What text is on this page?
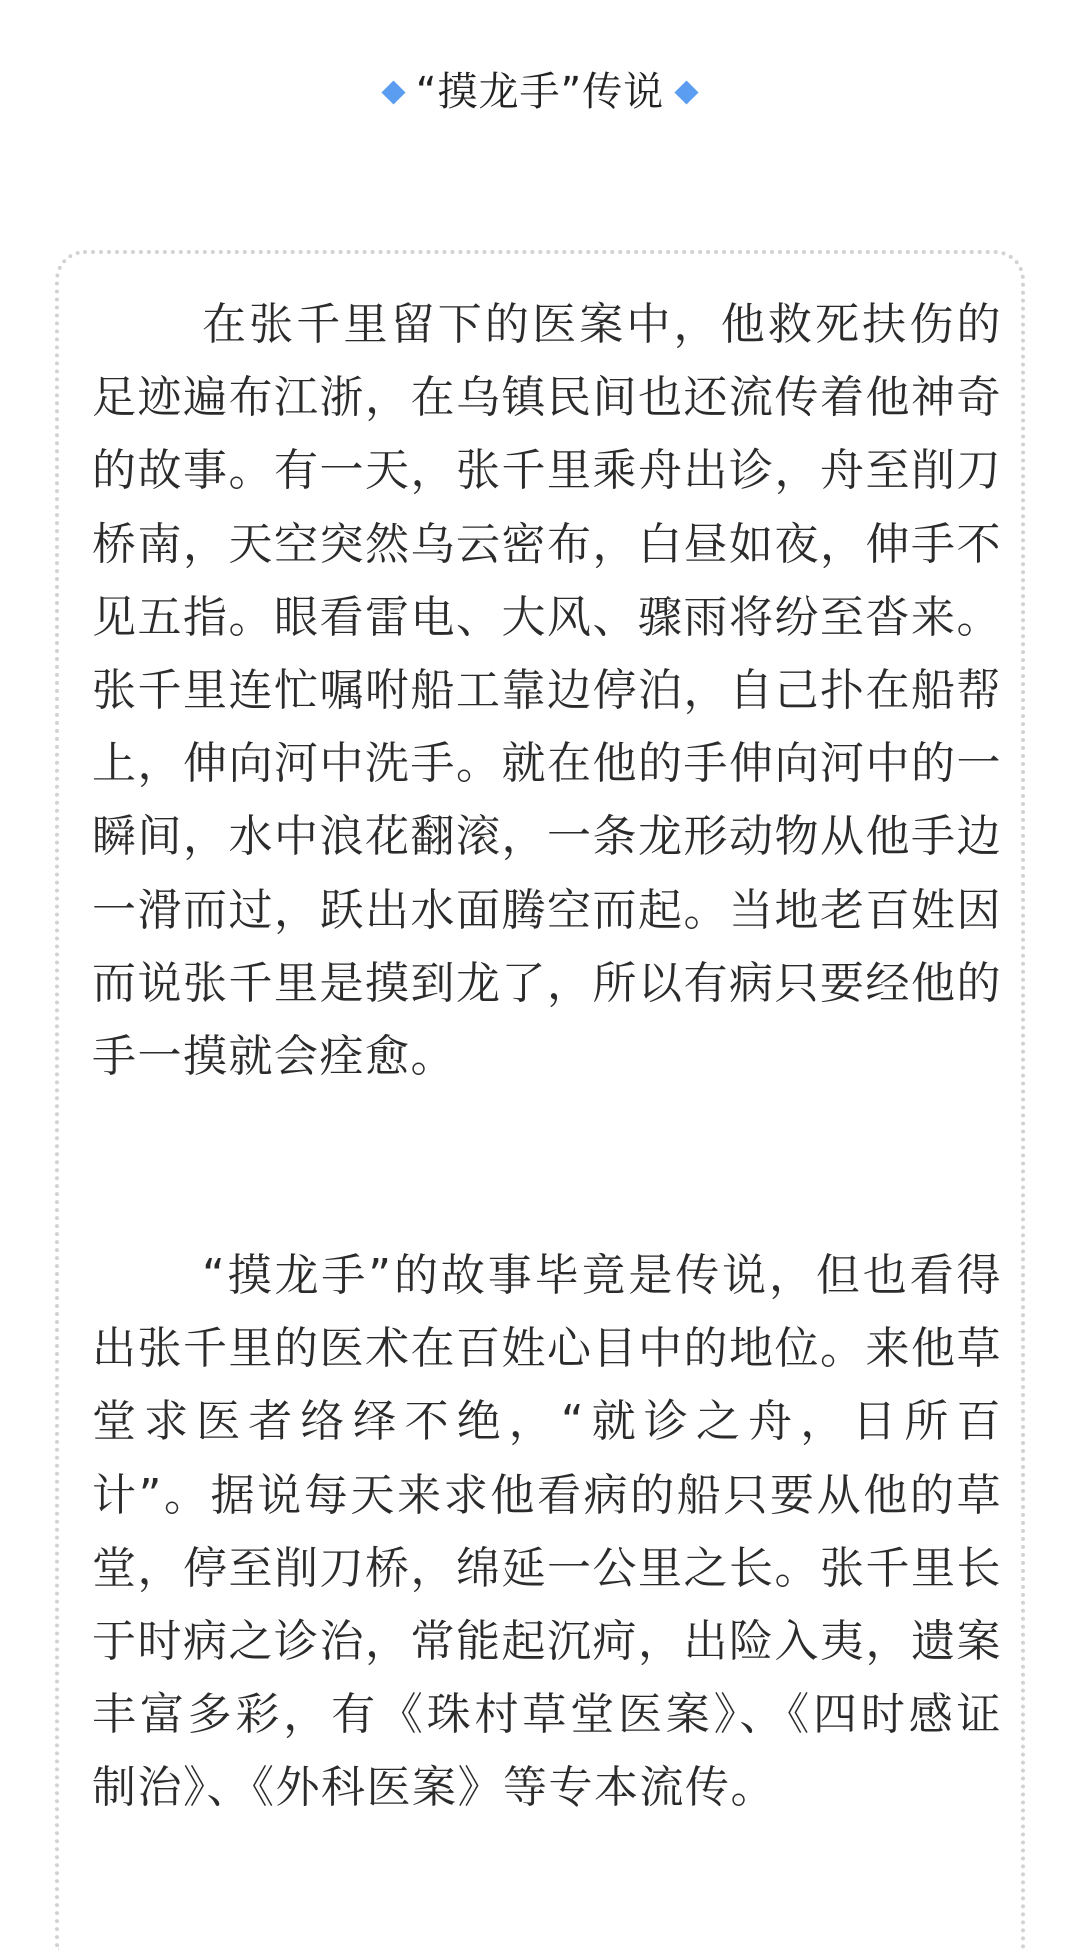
“摸龙手”传说

在张千里留下的医案中，他救死扶伤的足迹遍布江浙，在乌镇民间也还流传着他神奇的故事。有一天，张千里乘舟出诊，舟至削刀桥南，天空突然乌云密布，白昼如夜，伸手不见五指。眼看雷电、大风、骤雨将纷至沓来。张千里连忙嘱咐船工靠边停泊，自己扑在船帮上，伸向河中洗手。就在他的手伸向河中的一瞬间，水中浪花翻滚，一条龙形动物从他手边一滑而过，跃出水面腾空而起。当地老百姓因而说张千里是摸到龙了，所以有病只要经他的手一摸就会痊愈。

“摸龙手”的故事毕竟是传说，但也看得出张千里的医术在百姓心目中的地位。来他草堂求医者络绎不绝，“就诊之舟，日所百计”。据说每天来求他看病的船只要从他的草堂，停至削刀桥，绵延一公里之长。张千里长于时病之诊治，常能起沉疴，出险入夷，遗案丰富多彩，有《珠村草堂医案》、《四时感证制治》、《外科医案》等专本流传。
